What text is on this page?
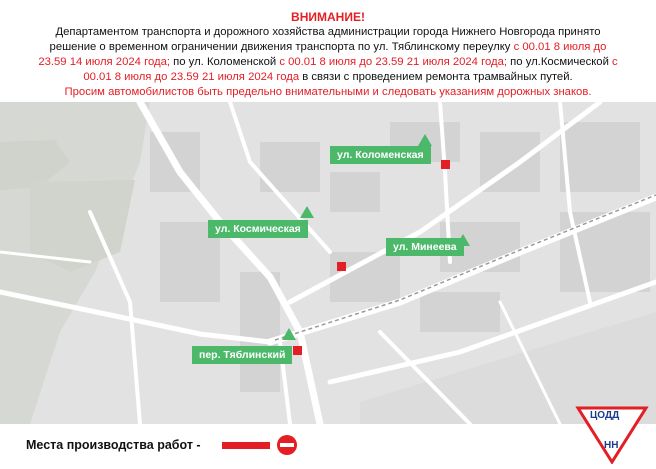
ВНИМАНИЕ!
Департаментом транспорта и дорожного хозяйства администрации города Нижнего Новгорода принято
решение о временном ограничении движения транспорта по ул. Тяблинскому переулку с 00.01 8 июля до
23.59 14 июля 2024 года; по ул. Коломенской с 00.01 8 июля до 23.59 21 июля 2024 года; по ул.Космической с
00.01 8 июля до 23.59 21 июля 2024 года в связи с проведением ремонта трамвайных путей.
Просим автомобилистов быть предельно внимательными и следовать указаниям дорожных знаков.
ул. Коломенская
ул. Космическая
ул. Минеева
пер. Тяблинский
Места производства работ -
ЦОДД
НН
